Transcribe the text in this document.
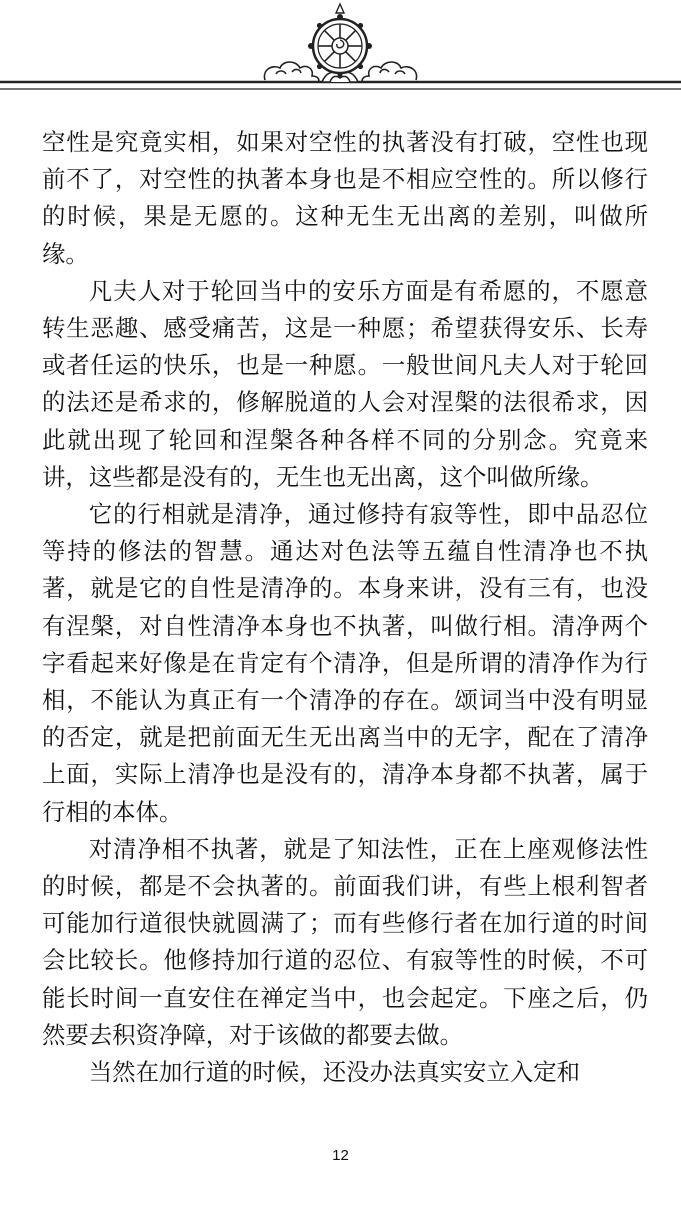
空性是究竟实相，如果对空性的执著没有打破，空性也现前不了，对空性的执著本身也是不相应空性的。所以修行的时候，果是无愿的。这种无生无出离的差别，叫做所缘。

凡夫人对于轮回当中的安乐方面是有希愿的，不愿意转生恶趣、感受痛苦，这是一种愿；希望获得安乐、长寿或者任运的快乐，也是一种愿。一般世间凡夫人对于轮回的法还是希求的，修解脱道的人会对涅槃的法很希求，因此就出现了轮回和涅槃各种各样不同的分别念。究竟来讲，这些都是没有的，无生也无出离，这个叫做所缘。

它的行相就是清净，通过修持有寂等性，即中品忍位等持的修法的智慧。通达对色法等五蕴自性清净也不执著，就是它的自性是清净的。本身来讲，没有三有，也没有涅槃，对自性清净本身也不执著，叫做行相。清净两个字看起来好像是在肯定有个清净，但是所谓的清净作为行相，不能认为真正有一个清净的存在。颂词当中没有明显的否定，就是把前面无生无出离当中的无字，配在了清净上面，实际上清净也是没有的，清净本身都不执著，属于行相的本体。

对清净相不执著，就是了知法性，正在上座观修法性的时候，都是不会执著的。前面我们讲，有些上根利智者可能加行道很快就圆满了；而有些修行者在加行道的时间会比较长。他修持加行道的忍位、有寂等性的时候，不可能长时间一直安住在禅定当中，也会起定。下座之后，仍然要去积资净障，对于该做的都要去做。

当然在加行道的时候，还没办法真实安立入定和

12
